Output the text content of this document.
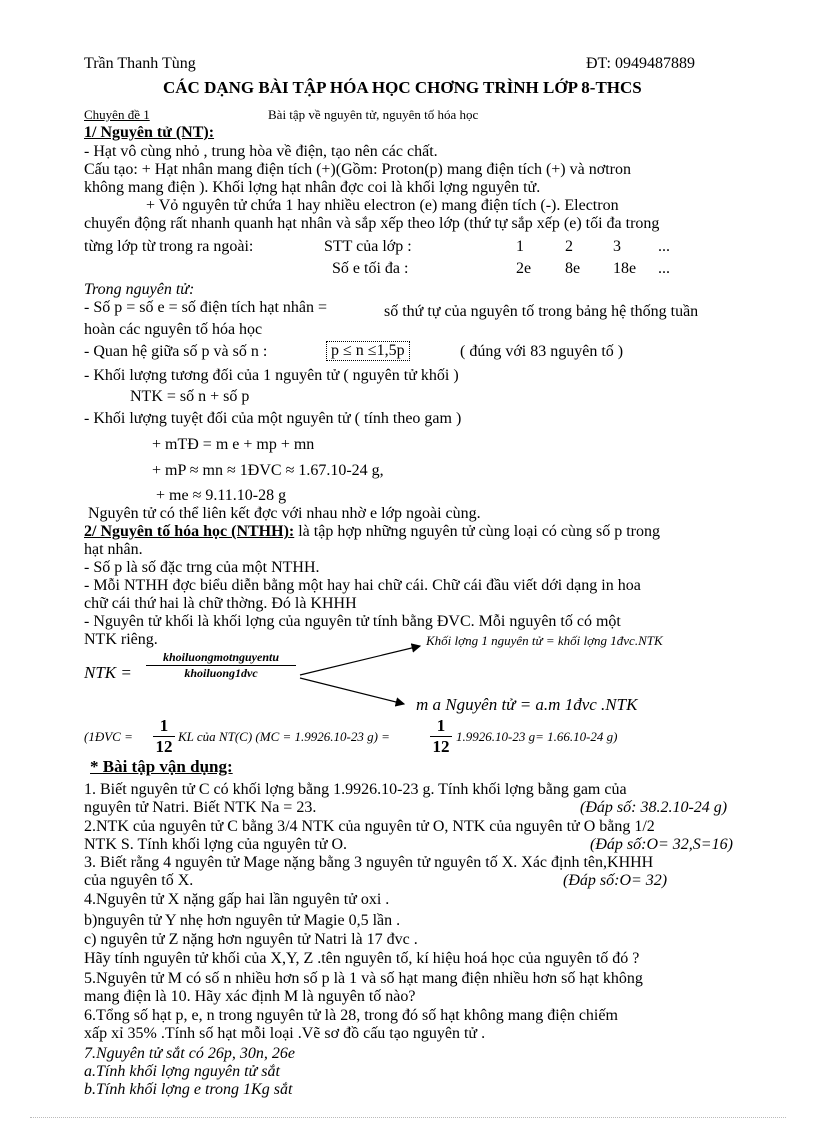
Trần Thanh Tùng	ĐT: 0949487889
CÁC DẠNG BÀI TẬP HÓA HỌC CHƠNG TRÌNH LỚP 8-THCS
Chuyên đề 1	Bài tập về nguyên tử, nguyên tố hóa học
1/ Nguyên tử (NT):
- Hạt vô cùng nhỏ , trung hòa về điện, tạo nên các chất.
Cấu tạo: + Hạt nhân mang điện tích (+)(Gồm: Proton(p) mang điện tích (+) và nơtron
không mang điện ). Khối lợng hạt nhân đợc coi là khối lợng nguyên tử.
+ Vỏ nguyên tử chứa 1 hay nhiều electron (e) mang điện tích (-). Electron
chuyển động rất nhanh quanh hạt nhân và sắp xếp theo lớp (thứ tự sắp xếp (e) tối đa trong
từng lớp từ trong ra ngoài:	STT của lớp :	1	2	3 ...
Số e tối đa :	2e 8e 18e ...
Trong nguyên tử:
- Số p = số e = số điện tích hạt nhân =	số thứ tự của nguyên tố trong bảng hệ thống tuần
hoàn các nguyên tố hóa học
- Quan hệ giữa số p và số n :	p ≤ n ≤1,5p	( đúng với 83 nguyên tố )
- Khối lượng tương đối của 1 nguyên tử ( nguyên tử khối )
NTK = số n + số p
- Khối lượng tuyệt đối của một nguyên tử ( tính theo gam )
+ mTĐ = m e + mp + mn
+ mP ≈ mn ≈ 1ĐVC ≈ 1.67.10-24 g,
+ me ≈ 9.11.10-28 g
Nguyên tử có thể liên kết đợc với nhau nhờ e lớp ngoài cùng.
2/ Nguyên tố hóa học (NTHH): là tập hợp những nguyên tử cùng loại có cùng số p trong
hạt nhân.
- Số p là số đặc trng của một NTHH.
- Mỗi NTHH đợc biểu diễn bằng một hay hai chữ cái. Chữ cái đầu viết dới dạng in hoa
chữ cái thứ hai là chữ thờng. Đó là KHHH
- Nguyên tử khối là khối lợng của nguyên tử tính bằng ĐVC. Mỗi nguyên tố có một
NTK riêng.	Khối lợng 1 nguyên tử = khối lợng 1đvc.NTK
NTK =
khoiluongmotnguyentu
khoiluong1dvc
m a Nguyên tử = a.m 1đvc .NTK
(1ĐVC = $\frac{1}{12}$ KL của NT(C) (MC = 1.9926.10-23 $g) = \frac{1}{12} 1.9926.10-23$ g= 1.66.10-24 g)
* Bài tập vận dụng:
1. Biết nguyên tử C có khối lợng bằng 1.9926.10-23 g. Tính khối lợng bằng gam của
nguyên tử Natri. Biết NTK Na = 23.	(Đáp số: 38.2.10-24 g)
2.NTK của nguyên tử C bằng 3/4 NTK của nguyên tử O, NTK của nguyên tử O bằng 1/2
NTK S. Tính khối lợng của nguyên tử O.	(Đáp số:O= 32,S=16)
3. Biết rằng 4 nguyên tử Mage nặng bằng 3 nguyên tử nguyên tố X. Xác định tên,KHHH
của nguyên tố X.	(Đáp số:O= 32)
4.Nguyên tử X nặng gấp hai lần nguyên tử oxi .
b)nguyên tử Y nhẹ hơn nguyên tử Magie 0,5 lần .
c) nguyên tử Z nặng hơn nguyên tử Natri là 17 đvc .
Hãy tính nguyên tử khối của X,Y, Z .tên nguyên tố, kí hiệu hoá học của nguyên tố đó ?
5.Nguyên tử M có số n nhiều hơn số p là 1 và số hạt mang điện nhiều hơn số hạt không
mang điện là 10. Hãy xác định M là nguyên tố nào?
6.Tổng số hạt p, e, n trong nguyên tử là 28, trong đó số hạt không mang điện chiếm
xấp xỉ 35% .Tính số hạt mỗi loại .Vẽ sơ đồ cấu tạo nguyên tử .
7.Nguyên tử sắt có 26p, 30n, 26e
a.Tính khối lợng nguyên tử sắt
b.Tính khối lợng e trong 1Kg sắt
